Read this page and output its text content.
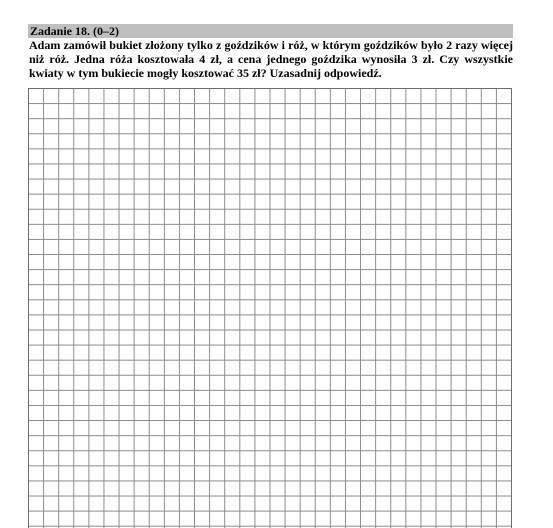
Zadanie 18. (0–2)
Adam zamówił bukiet złożony tylko z goździków i róż, w którym goździków było 2 razy więcej niż róż. Jedna róża kosztowała 4 zł, a cena jednego goździka wynosiła 3 zł. Czy wszystkie kwiaty w tym bukiecie mogły kosztować 35 zł? Uzasadnij odpowiedź.
